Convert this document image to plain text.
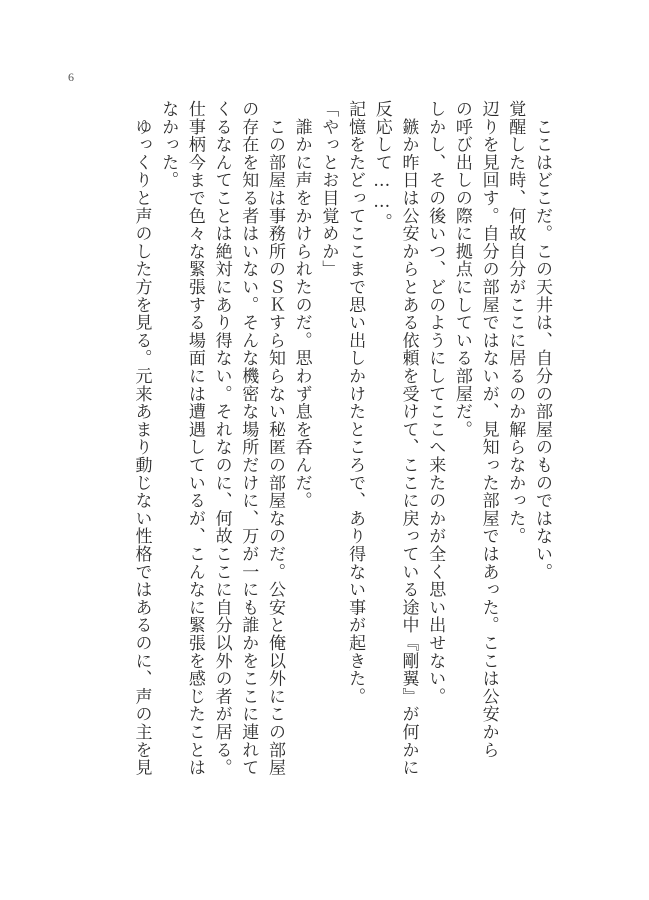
6
　ここはどこだ。この天井は、自分の部屋のものではない。
覚醒した時、何故自分がここに居るのか解らなかった。
辺りを見回す。自分の部屋ではないが、見知った部屋ではあった。ここは公安から
の呼び出しの際に拠点にしている部屋だ。
しかし、その後いつ、どのようにしてここへ来たのかが全く思い出せない。
　鏃か昨日は公安からとある依頼を受けて、ここに戻っている途中『剛翼』が何かに
反応して……。
記憶をたどってここまで思い出しかけたところで、あり得ない事が起きた。
「やっとお目覚めか」
　誰かに声をかけられたのだ。思わず息を呑んだ。
　この部屋は事務所のＳＫすら知らない秘匿の部屋なのだ。公安と俺以外にこの部屋
の存在を知る者はいない。そんな機密な場所だけに、万が一にも誰かをここに連れて
くるなんてことは絶対にあり得ない。それなのに、何故ここに自分以外の者が居る。
仕事柄今まで色々な緊張する場面には遭遇しているが、こんなに緊張を感じたことは
なかった。
　ゆっくりと声のした方を見る。元来あまり動じない性格ではあるのに、声の主を見
